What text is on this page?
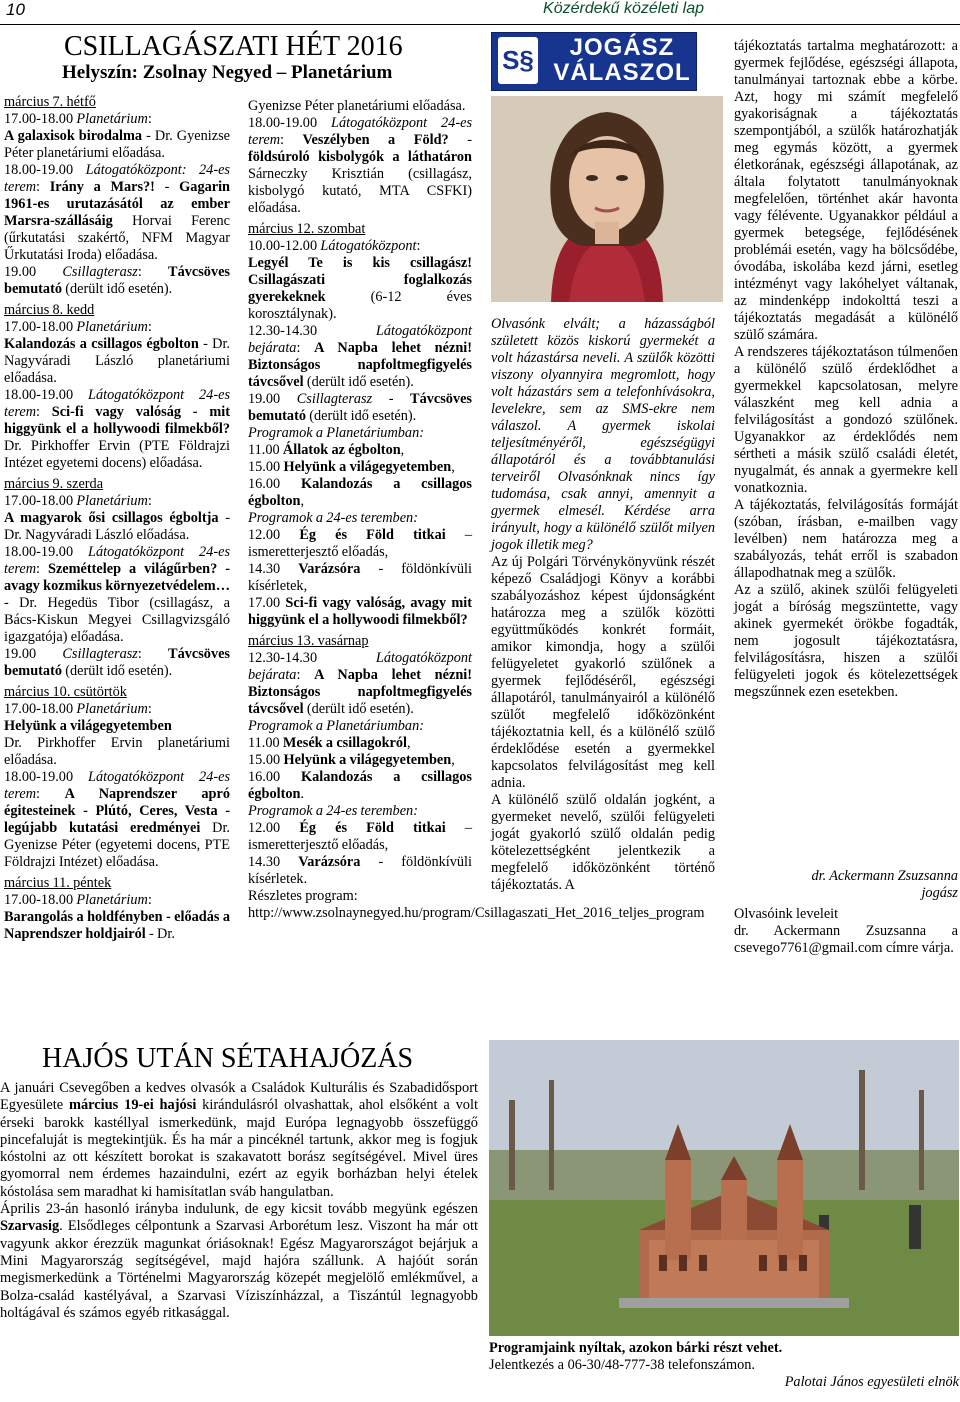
10	Közérdekű közéleti lap
CSILLAGÁSZATI HÉT 2016
Helyszín: Zsolnay Negyed – Planetárium
március 7. hétfő

17.00-18.00 Planetárium:

A galaxisok birodalma - Dr. Gyenizse Péter planetáriumi előadása.

18.00-19.00 Látogatóközpont: 24-es terem: Irány a Mars?! - Gagarin 1961-es urutazásától az ember Marsra-szállásáig Horvai Ferenc (űrkutatási szakértő, NFM Magyar Űrkutatási Iroda) előadása.

19.00 Csillagterasz: Távcsöves bemutató (derült idő esetén).

március 8. kedd

17.00-18.00 Planetárium:

Kalandozás a csillagos égbolton - Dr. Nagyváradi László planetáriumi előadása.

18.00-19.00 Látogatóközpont 24-es terem: Sci-fi vagy valóság - mit higgyünk el a hollywoodi filmekből? Dr. Pirkhoffer Ervin (PTE Földrajzi Intézet egyetemi docens) előadása.

március 9. szerda

17.00-18.00 Planetárium:

A magyarok ősi csillagos égboltja - Dr. Nagyváradi László előadása.

18.00-19.00 Látogatóközpont 24-es terem: Szeméttelep a világűrben? - avagy kozmikus környezetvédelem… - Dr. Hegedüs Tibor (csillagász, a Bács-Kiskun Megyei Csillagvizsgáló igazgatója) előadása.

19.00 Csillagterasz: Távcsöves bemutató (derült idő esetén).

március 10. csütörtök

17.00-18.00 Planetárium:

Helyünk a világegyetemben

Dr. Pirkhoffer Ervin planetáriumi előadása.

18.00-19.00 Látogatóközpont 24-es terem: A Naprendszer apró égitesteinek - Plútó, Ceres, Vesta - legújabb kutatási eredményei Dr. Gyenizse Péter (egyetemi docens, PTE Földrajzi Intézet) előadása.

március 11. péntek

17.00-18.00 Planetárium:

Barangolás a holdfényben - előadás a Naprendszer holdjairól - Dr.

Gyenizse Péter planetáriumi előadása.

18.00-19.00 Látogatóközpont 24-es terem: Veszélyben a Föld? - földsúroló kisbolygók a láthatáron Sárneczky Krisztián (csillagász, kisbolygó kutató, MTA CSFKI) előadása.

március 12. szombat

10.00-12.00 Látogatóközpont:

Legyél Te is kis csillagász! Csillagászati foglalkozás gyerekeknek (6-12 éves korosztálynak).

12.30-14.30 Látogatóközpont bejárata: A Napba lehet nézni! Biztonságos napfoltmegfigyelés távcsővel (derült idő esetén).

19.00 Csillagterasz - Távcsöves bemutató (derült idő esetén).

Programok a Planetáriumban:

11.00 Állatok az égbolton,

15.00 Helyünk a világegyetemben,

16.00 Kalandozás a csillagos égbolton,

Programok a 24-es teremben:

12.00 Ég és Föld titkai – ismeretterjesztő előadás,

14.30 Varázsóra - földönkívüli kísérletek,

17.00 Sci-fi vagy valóság, avagy mit higgyünk el a hollywoodi filmekből?

március 13. vasárnap

12.30-14.30 Látogatóközpont bejárata: A Napba lehet nézni! Biztonságos napfoltmegfigyelés távcsővel (derült idő esetén).

Programok a Planetáriumban:

11.00 Mesék a csillagokról,

15.00 Helyünk a világegyetemben,

16.00 Kalandozás a csillagos égbolton.

Programok a 24-es teremben:

12.00 Ég és Föld titkai – ismeretterjesztő előadás,

14.30 Varázsóra - földönkívüli kísérletek.

Részletes program:

http://www.zsolnaynegyed.hu/program/Csillagaszati_Het_2016_teljes_program

S§	JOGÁSZ
VÁLASZOL

Olvasónk elvált; a házasságból született közös kiskorú gyermekét a volt házastársa neveli. A szülők közötti viszony olyannyira megromlott, hogy volt házastárs sem a telefonhívásokra, levelekre, sem az SMS-ekre nem válaszol. A gyermek iskolai teljesítményéről, egészségügyi állapotáról és a továbbtanulási terveiről Olvasónknak nincs így tudomása, csak annyi, amennyit a gyermek elmesél. Kérdése arra irányult, hogy a különélő szülőt milyen jogok illetik meg?

Az új Polgári Törvénykönyvünk részét képező Családjogi Könyv a korábbi szabályozáshoz képest újdonságként határozza meg a szülők közötti együttműködés konkrét formáit, amikor kimondja, hogy a szülői felügyeletet gyakorló szülőnek a gyermek fejlődéséről, egészségi állapotáról, tanulmányairól a különélő szülőt megfelelő időközönként tájékoztatnia kell, és a különélő szülő érdeklődése esetén a gyermekkel kapcsolatos felvilágosítást meg kell adnia.

A különélő szülő oldalán jogként, a gyermeket nevelő, szülői felügyeleti jogát gyakorló szülő oldalán pedig kötelezettségként jelentkezik a megfelelő időközönként történő tájékoztatás. A

tájékoztatás tartalma meghatározott: a gyermek fejlődése, egészségi állapota, tanulmányai tartoznak ebbe a körbe. Azt, hogy mi számít megfelelő gyakoriságnak a tájékoztatás szempontjából, a szülők határozhatják meg egymás között, a gyermek életkorának, egészségi állapotának, az általa folytatott tanulmányoknak megfelelően, történhet akár havonta vagy félévente. Ugyanakkor például a gyermek betegsége, fejlődésének problémái esetén, vagy ha bölcsődébe, óvodába, iskolába kezd járni, esetleg intézményt vagy lakóhelyet váltanak, az mindenképp indokolttá teszi a tájékoztatás megadását a különélő szülő számára.

A rendszeres tájékoztatáson túlmenően a különélő szülő érdeklődhet a gyermekkel kapcsolatosan, melyre válaszként meg kell adnia a felvilágosítást a gondozó szülőnek. Ugyanakkor az érdeklődés nem sértheti a másik szülő családi életét, nyugalmát, és annak a gyermekre kell vonatkoznia.

A tájékoztatás, felvilágosítás formáját (szóban, írásban, e-mailben vagy levélben) nem határozza meg a szabályozás, tehát erről is szabadon állapodhatnak meg a szülők.

Az a szülő, akinek szülői felügyeleti jogát a bíróság megszüntette, vagy akinek gyermekét örökbe fogadták, nem jogosult tájékoztatásra, felvilágosításra, hiszen a szülői felügyeleti jogok és kötelezettségek megszűnnek ezen esetekben.

dr. Ackermann Zsuzsanna

jogász

Olvasóink leveleit

dr. Ackermann Zsuzsanna a csevego7761@gmail.com címre várja.

HAJÓS UTÁN SÉTAHAJÓZÁS

A januári Csevegőben a kedves olvasók a Családok Kulturális és Szabadidősport Egyesülete március 19-ei hajósi kirándulásról olvashattak, ahol elsőként a volt érseki barokk kastéllyal ismerkedünk, majd Európa legnagyobb összefüggő pincefaluját is megtekintjük. És ha már a pincéknél tartunk, akkor meg is fogjuk kóstolni az ott készített borokat is szakavatott borász segítségével. Mivel üres gyomorral nem érdemes hazaindulni, ezért az egyik borházban helyi ételek kóstolása sem maradhat ki hamisítatlan sváb hangulatban.

Április 23-án hasonló irányba indulunk, de egy kicsit tovább megyünk egészen Szarvasig. Elsődleges célpontunk a Szarvasi Arborétum lesz. Viszont ha már ott vagyunk akkor érezzük magunkat óriásoknak! Egész Magyarországot bejárjuk a Mini Magyarország segítségével, majd hajóra szállunk. A hajóút során megismerkedünk a Történelmi Magyarország közepét megjelölő emlékművel, a Bolza-család kastélyával, a Szarvasi Víziszínházzal, a Tiszántúl legnagyobb holtágával és számos egyéb ritkasággal.

Programjaink nyíltak, azokon bárki részt vehet.
Jelentkezés a 06-30/48-777-38 telefonszámon.
Palotai János egyesületi elnök
